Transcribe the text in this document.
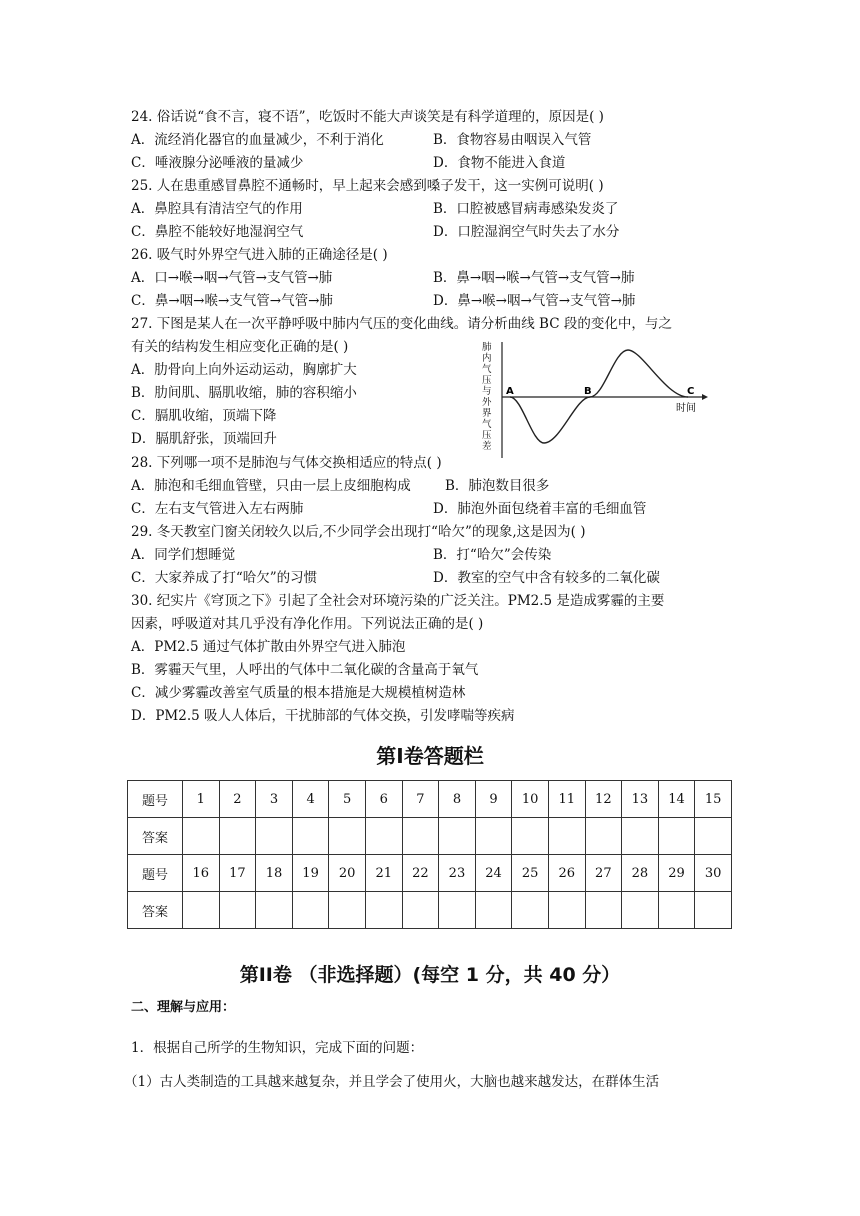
24. 俗话说“食不言，寝不语”，吃饭时不能大声谈笑是有科学道理的，原因是( )
A．流经消化器官的血量减少，不利于消化	B．食物容易由咽误入气管
C．唾液腺分泌唾液的量减少	D．食物不能进入食道
25. 人在患重感冒鼻腔不通畅时，早上起来会感到嗓子发干，这一实例可说明( )
A．鼻腔具有清洁空气的作用	B．口腔被感冒病毒感染发炎了
C．鼻腔不能较好地湿润空气	D．口腔湿润空气时失去了水分
26. 吸气时外界空气进入肺的正确途径是( )
A．口→喉→咽→气管→支气管→肺	B．鼻→咽→喉→气管→支气管→肺
C．鼻→咽→喉→支气管→气管→肺	D．鼻→喉→咽→气管→支气管→肺
27. 下图是某人在一次平静呼吸中肺内气压的变化曲线。请分析曲线 BC 段的变化中，与之
有关的结构发生相应变化正确的是( )
A．肋骨向上向外运动运动，胸廓扩大
B．肋间肌、膈肌收缩，肺的容积缩小
C．膈肌收缩，顶端下降
D．膈肌舒张，顶端回升
A	B	C
时间
肺内气压与外界气压差
28. 下列哪一项不是肺泡与气体交换相适应的特点( )
A．肺泡和毛细血管壁，只由一层上皮细胞构成	B．肺泡数目很多
C．左右支气管进入左右两肺	D．肺泡外面包绕着丰富的毛细血管
29. 冬天教室门窗关闭较久以后,不少同学会出现打“哈欠”的现象,这是因为( )
A．同学们想睡觉	B．打“哈欠”会传染
C．大家养成了打“哈欠”的习惯	D．教室的空气中含有较多的二氧化碳
30. 纪实片《穹顶之下》引起了全社会对环境污染的广泛关注。PM2.5 是造成雾霾的主要
因素，呼吸道对其几乎没有净化作用。下列说法正确的是( )
A．PM2.5 通过气体扩散由外界空气进入肺泡
B．雾霾天气里，人呼出的气体中二氧化碳的含量高于氧气
C．减少雾霾改善室气质量的根本措施是大规模植树造林
D．PM2.5 吸人人体后，干扰肺部的气体交换，引发哮喘等疾病
第I卷答题栏
题号	1	2	3	4	5	6	7	8	9	10	11	12	13	14	15
答案															
题号	16	17	18	19	20	21	22	23	24	25	26	27	28	29	30
答案															
第II卷 （非选择题）(每空 1 分，共 40 分）
二、理解与应用：
1．根据自己所学的生物知识，完成下面的问题：
（1）古人类制造的工具越来越复杂，并且学会了使用火，大脑也越来越发达，在群体生活
